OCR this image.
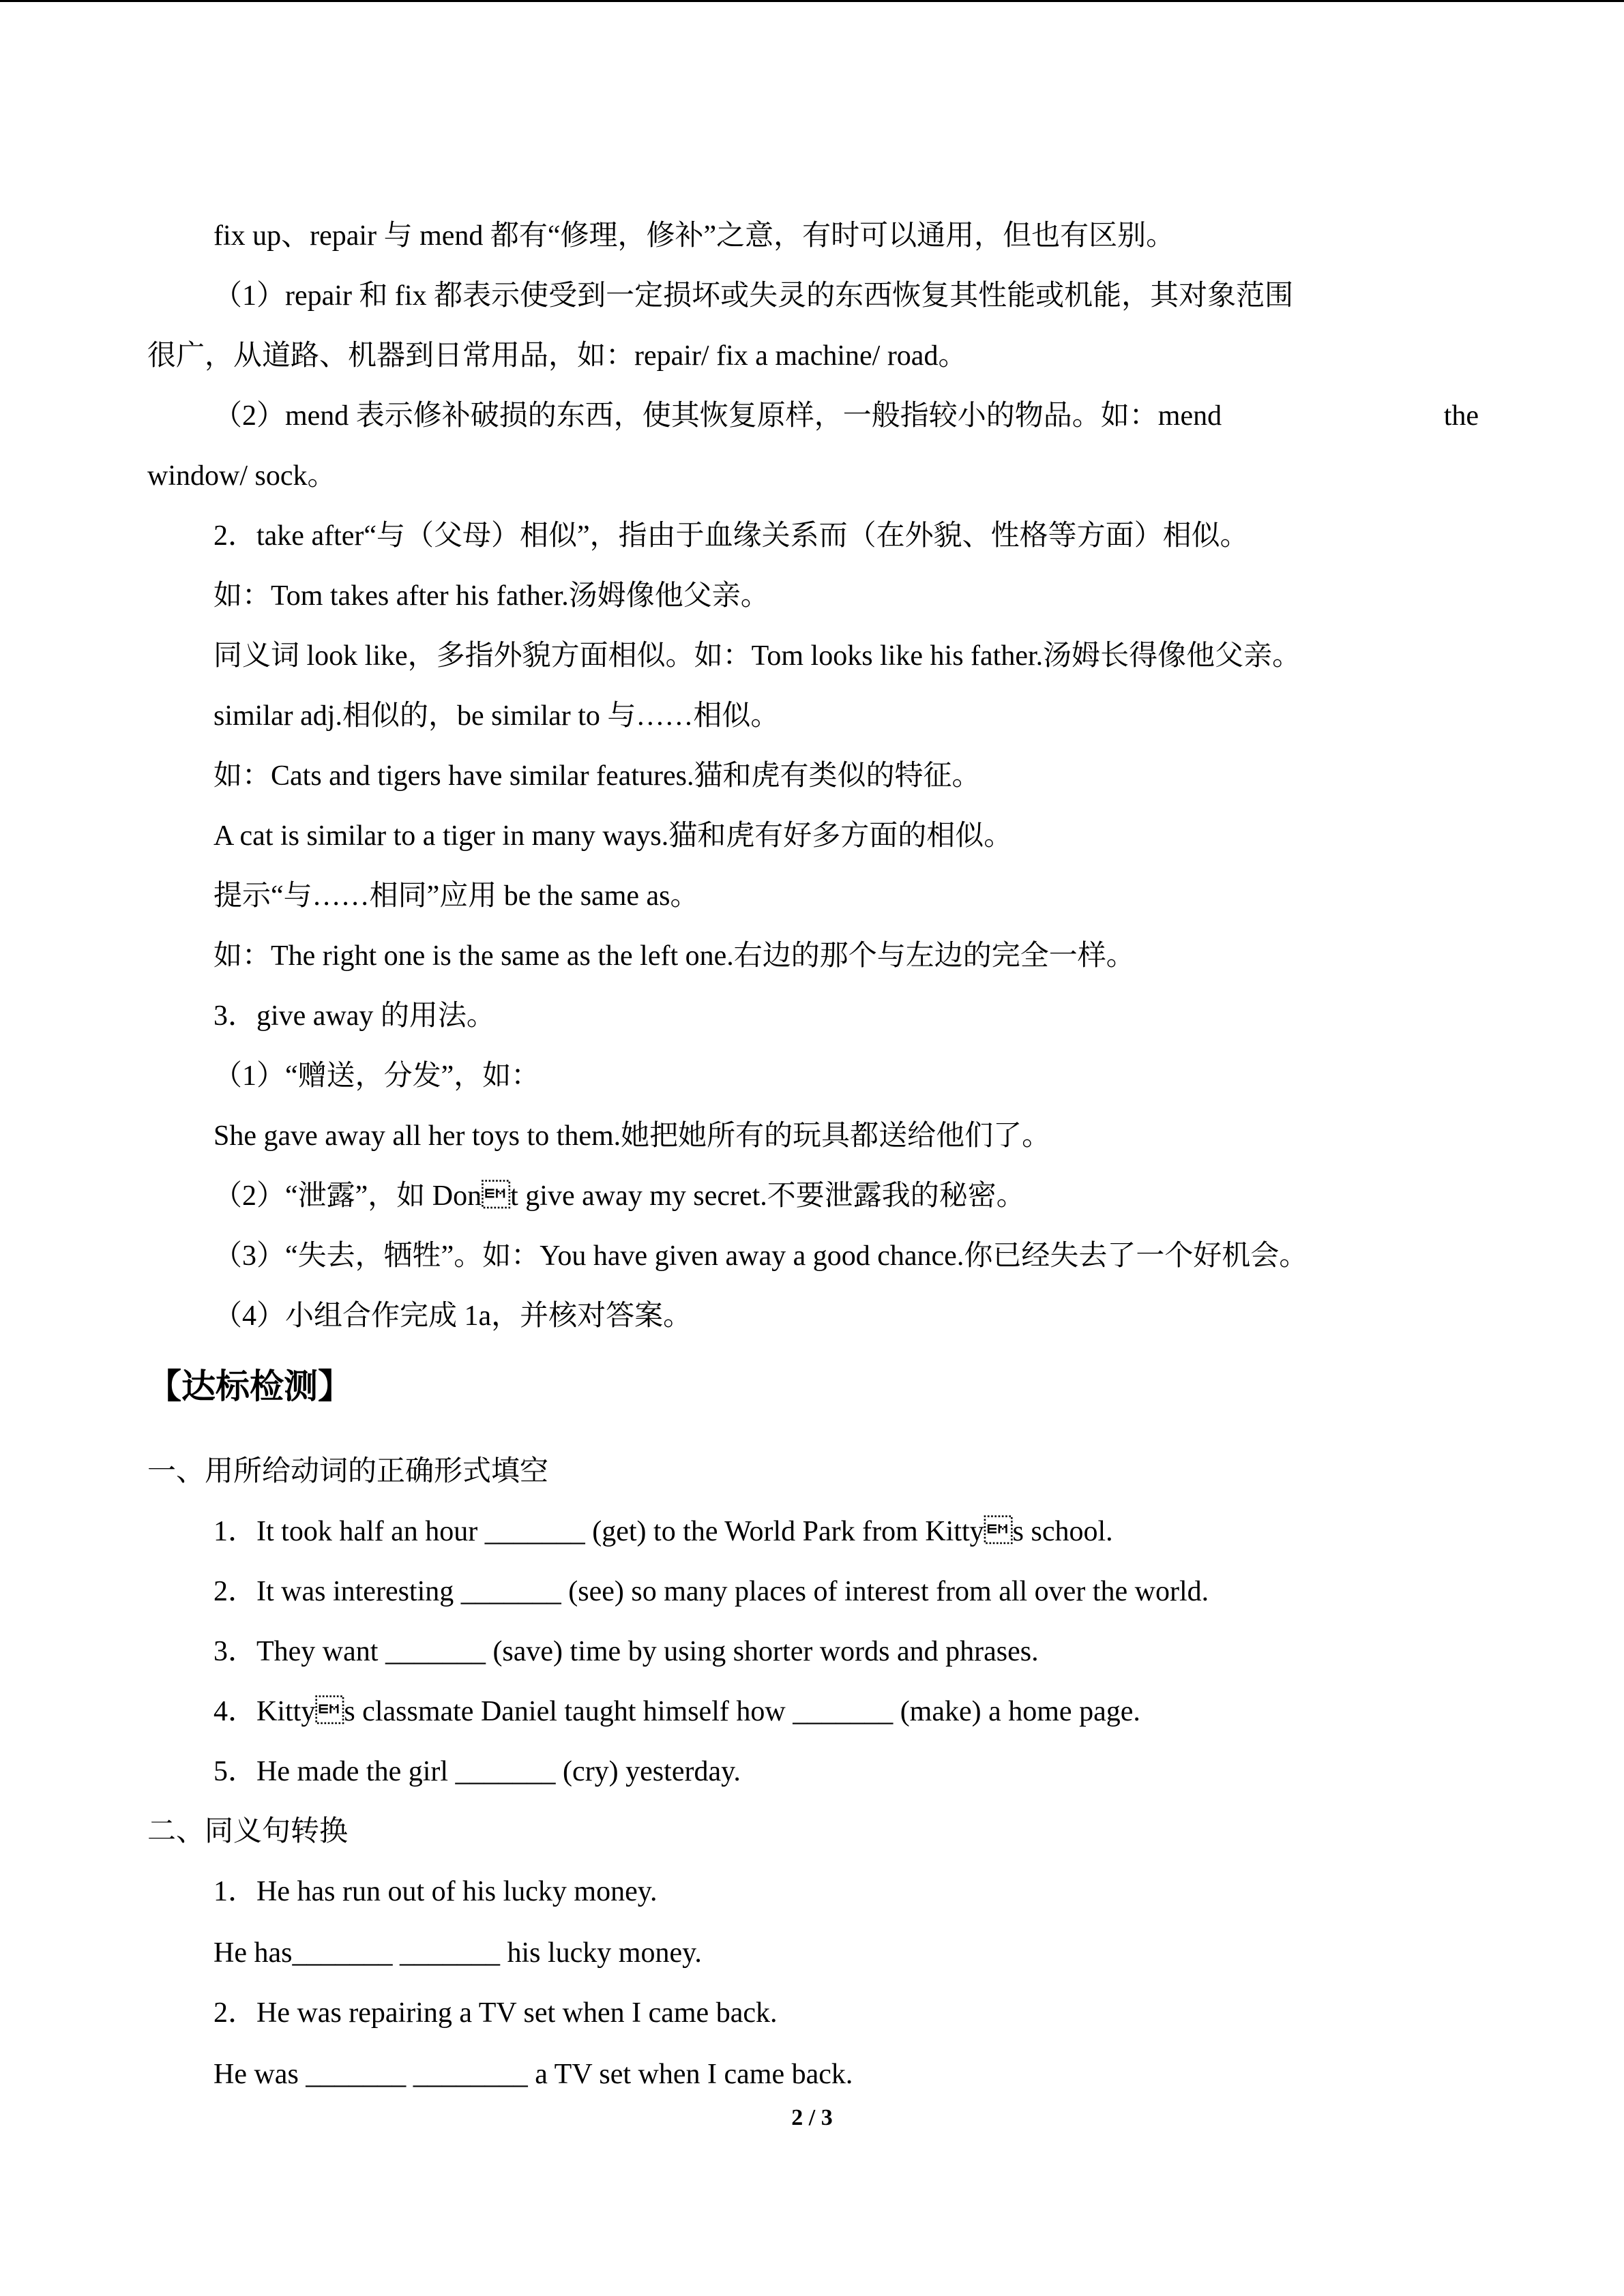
fix up、repair 与 mend 都有“修理，修补”之意，有时可以通用，但也有区别。
（1）repair 和 fix 都表示使受到一定损坏或失灵的东西恢复其性能或机能，其对象范围
很广，从道路、机器到日常用品，如：repair/ fix a machine/ road。
（2）mend 表示修补破损的东西，使其恢复原样，一般指较小的物品。如：mend	the
window/ sock。
2．take after“与（父母）相似”，指由于血缘关系而（在外貌、性格等方面）相似。
如：Tom takes after his father.汤姆像他父亲。
同义词 look like，多指外貌方面相似。如：Tom looks like his father.汤姆长得像他父亲。
similar adj.相似的，be similar to 与……相似。
如：Cats and tigers have similar features.猫和虎有类似的特征。
A cat is similar to a tiger in many ways.猫和虎有好多方面的相似。
提示“与……相同”应用 be the same as。
如：The right one is the same as the left one.右边的那个与左边的完全一样。
3．give away 的用法。
（1）“赠送，分发”，如：
She gave away all her toys to them.她把她所有的玩具都送给他们了。
（2）“泄露”，如 Dont give away my secret.不要泄露我的秘密。
（3）“失去，牺牲”。如：You have given away a good chance.你已经失去了一个好机会。
（4）小组合作完成 1a，并核对答案。
【达标检测】
一、用所给动词的正确形式填空
1．It took half an hour _______ (get) to the World Park from Kittys school.
2．It was interesting _______ (see) so many places of interest from all over the world.
3．They want _______ (save) time by using shorter words and phrases.
4．Kittys classmate Daniel taught himself how _______ (make) a home page.
5．He made the girl _______ (cry) yesterday.
二、同义句转换
1．He has run out of his lucky money.
He has_______ _______ his lucky money.
2．He was repairing a TV set when I came back.
He was _______ ________ a TV set when I came back.
2 / 3
